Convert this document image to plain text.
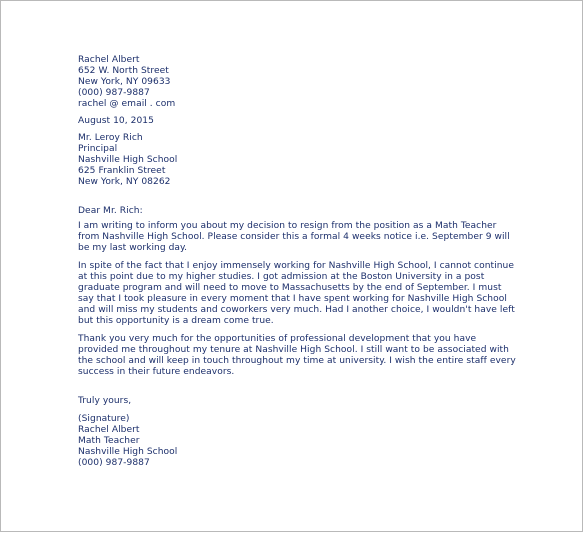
Rachel Albert
652 W. North Street
New York, NY 09633
(000) 987-9887
rachel @ email . com
August 10, 2015
Mr. Leroy Rich
Principal
Nashville High School
625 Franklin Street
New York, NY 08262
Dear Mr. Rich:

I am writing to inform you about my decision to resign from the position as a Math Teacher from Nashville High School. Please consider this a formal 4 weeks notice i.e. September 9 will be my last working day.

In spite of the fact that I enjoy immensely working for Nashville High School, I cannot continue at this point due to my higher studies. I got admission at the Boston University in a post graduate program and will need to move to Massachusetts by the end of September. I must say that I took pleasure in every moment that I have spent working for Nashville High School and will miss my students and coworkers very much. Had I another choice, I wouldn't have left but this opportunity is a dream come true.

Thank you very much for the opportunities of professional development that you have provided me throughout my tenure at Nashville High School. I still want to be associated with the school and will keep in touch throughout my time at university. I wish the entire staff every success in their future endeavors.

Truly yours,
(Signature)
Rachel Albert
Math Teacher
Nashville High School
(000) 987-9887
